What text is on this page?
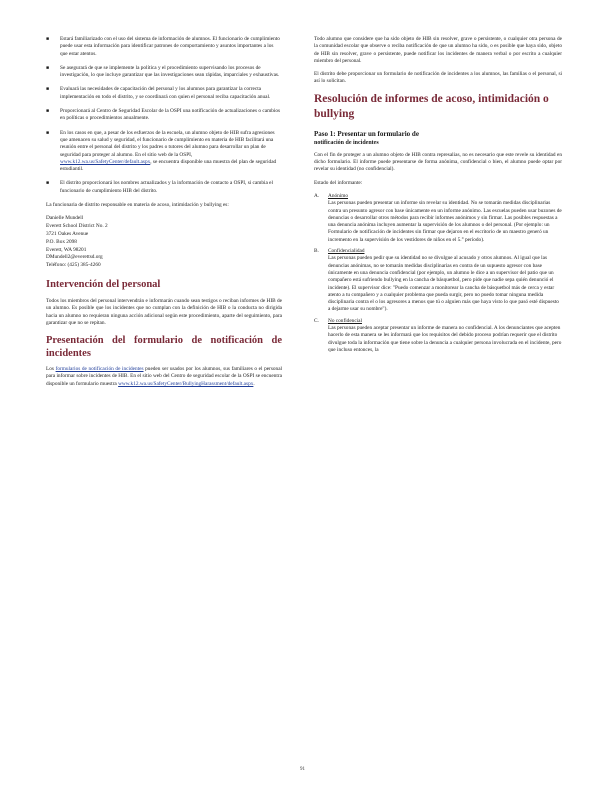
■ Estará familiarizado con el uso del sistema de información de alumnos. El funcionario de cumplimiento puede usar esta información para identificar patrones de comportamiento y asuntos importantes a los que estar atentos.
■ Se asegurará de que se implemente la política y el procedimiento supervisando los procesos de investigación, lo que incluye garantizar que las investigaciones sean rápidas, imparciales y exhaustivas.
■ Evaluará las necesidades de capacitación del personal y los alumnos para garantizar la correcta implementación en todo el distrito, y se coordinará con quien el personal reciba capacitación anual.
■ Proporcionará al Centro de Seguridad Escolar de la OSPI una notificación de actualizaciones o cambios en políticas o procedimientos anualmente.
■ En los casos en que, a pesar de los esfuerzos de la escuela, un alumno objeto de HIB sufra agresiones que amenacen su salud y seguridad, el funcionario de cumplimiento en materia de HIB facilitará una reunión entre el personal del distrito y los padres o tutores del alumno para desarrollar un plan de seguridad para proteger al alumno. En el sitio web de la OSPI, www.k12.wa.us/SafetyCenter/default.aspx, se encuentra disponible una muestra del plan de seguridad estudiantil.
■ El distrito proporcionará los nombres actualizados y la información de contacto a OSPI, si cambia el funcionario de cumplimiento HIB del distrito.

La funcionaria de distrito responsable en materia de acoso, intimidación y bullying es:

Danielle Mundell
Everett School District No. 2
3721 Oakes Avenue
P.O. Box 2098
Everett, WA 98201
DMundell2@everettsd.org
Teléfono: (425) 385-4260
Intervención del personal

Todos los miembros del personal intervendrán e informarán cuando sean testigos o reciban informes de HIB de un alumno. Es posible que los incidentes que no cumplan con la definición de HIB o la conducta no dirigida hacia un alumno no requieran ninguna acción adicional según este procedimiento, aparte del seguimiento, para garantizar que no se repitan.

Presentación del formulario de notificación de incidentes

Los formularios de notificación de incidentes pueden ser usados por los alumnos, sus familiares o el personal para informar sobre incidentes de HIB. En el sitio web del Centro de seguridad escolar de la OSPI se encuentra disponible un formulario muestra www.k12.wa.us/SafetyCenter/BullyingHarassment/default.aspx.

Todo alumno que considere que ha sido objeto de HIB sin resolver, grave o persistente, o cualquier otra persona de la comunidad escolar que observe o reciba notificación de que un alumno ha sido, o es posible que haya sido, objeto de HIB sin resolver, grave o persistente, puede notificar los incidentes de manera verbal o por escrito a cualquier miembro del personal.

El distrito debe proporcionar un formulario de notificación de incidentes a los alumnos, las familias o el personal, si así lo solicitan.

Resolución de informes de acoso, intimidación o bullying
Paso 1: Presentar un formulario de
notificación de incidentes

Con el fin de proteger a un alumno objeto de HIB contra represalias, no es necesario que este revele su identidad en dicho formulario. El informe puede presentarse de forma anónima, confidencial o bien, el alumno puede optar por revelar su identidad (no confidencial).

Estado del informante:

A. Anónimo
Las personas pueden presentar un informe sin revelar su identidad. No se tomarán medidas disciplinarias contra un presunto agresor con base únicamente en un informe anónimo. Las escuelas pueden usar buzones de denuncias o desarrollar otros métodos para recibir informes anónimos y sin firmar. Las posibles respuestas a una denuncia anónima incluyen aumentar la supervisión de los alumnos o del personal. (Por ejemplo: un Formulario de notificación de incidentes sin firmar que dejaron en el escritorio de un maestro generó un incremento en la supervisión de los vestidores de niños en el 5.° período).
B. Confidencialidad
Las personas pueden pedir que su identidad no se divulgue al acusado y otros alumnos. Al igual que las denuncias anónimas, no se tomarán medidas disciplinarias en contra de un supuesto agresor con base únicamente en una denuncia confidencial (por ejemplo, un alumno le dice a un supervisor del patio que un compañero está sufriendo bullying en la cancha de básquetbol, pero pide que nadie sepa quién denunció el incidente). El supervisor dice: "Puedo comenzar a monitorear la cancha de básquetbol más de cerca y estar atento a tu compañero y a cualquier problema que pueda surgir, pero no puedo tomar ninguna medida disciplinaria contra el o los agresores a menos que tú o alguien más que haya visto lo que pasó esté dispuesto a dejarme usar su nombre").
C. No confidencial
Las personas pueden aceptar presentar un informe de manera no confidencial. A los denunciantes que acepten hacerlo de esta manera se les informará que los requisitos del debido proceso podrían requerir que el distrito divulgue toda la información que tiene sobre la denuncia a cualquier persona involucrada en el incidente, pero que incluso entonces, la
91
